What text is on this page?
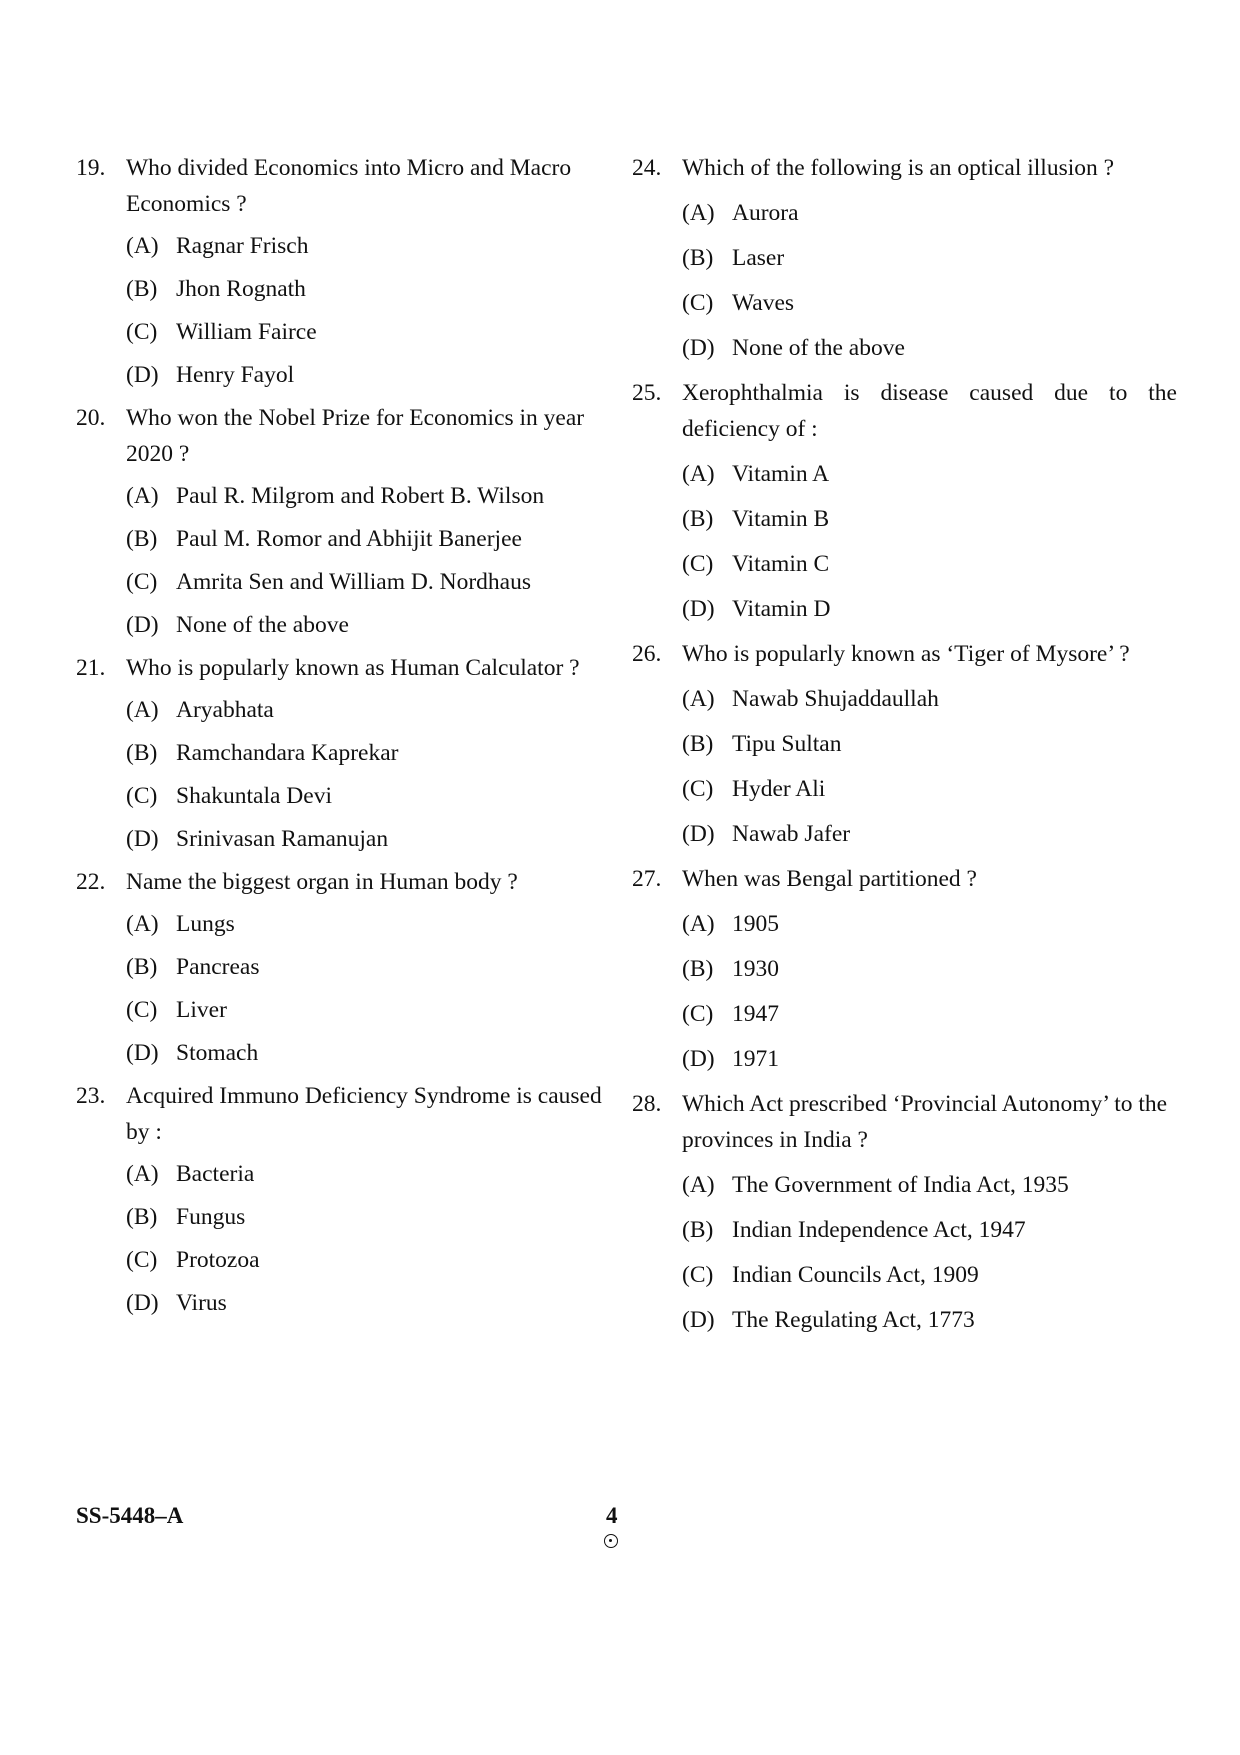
19. Who divided Economics into Micro and Macro Economics ?
(A) Ragnar Frisch
(B) Jhon Rognath
(C) William Fairce
(D) Henry Fayol
20. Who won the Nobel Prize for Economics in year 2020 ?
(A) Paul R. Milgrom and Robert B. Wilson
(B) Paul M. Romor and Abhijit Banerjee
(C) Amrita Sen and William D. Nordhaus
(D) None of the above
21. Who is popularly known as Human Calculator ?
(A) Aryabhata
(B) Ramchandara Kaprekar
(C) Shakuntala Devi
(D) Srinivasan Ramanujan
22. Name the biggest organ in Human body ?
(A) Lungs
(B) Pancreas
(C) Liver
(D) Stomach
23. Acquired Immuno Deficiency Syndrome is caused by :
(A) Bacteria
(B) Fungus
(C) Protozoa
(D) Virus
24. Which of the following is an optical illusion ?
(A) Aurora
(B) Laser
(C) Waves
(D) None of the above
25. Xerophthalmia is disease caused due to the deficiency of :
(A) Vitamin A
(B) Vitamin B
(C) Vitamin C
(D) Vitamin D
26. Who is popularly known as ‘Tiger of Mysore’ ?
(A) Nawab Shujaddaullah
(B) Tipu Sultan
(C) Hyder Ali
(D) Nawab Jafer
27. When was Bengal partitioned ?
(A) 1905
(B) 1930
(C) 1947
(D) 1971
28. Which Act prescribed ‘Provincial Autonomy’ to the provinces in India ?
(A) The Government of India Act, 1935
(B) Indian Independence Act, 1947
(C) Indian Councils Act, 1909
(D) The Regulating Act, 1773
SS-5448–A	4
